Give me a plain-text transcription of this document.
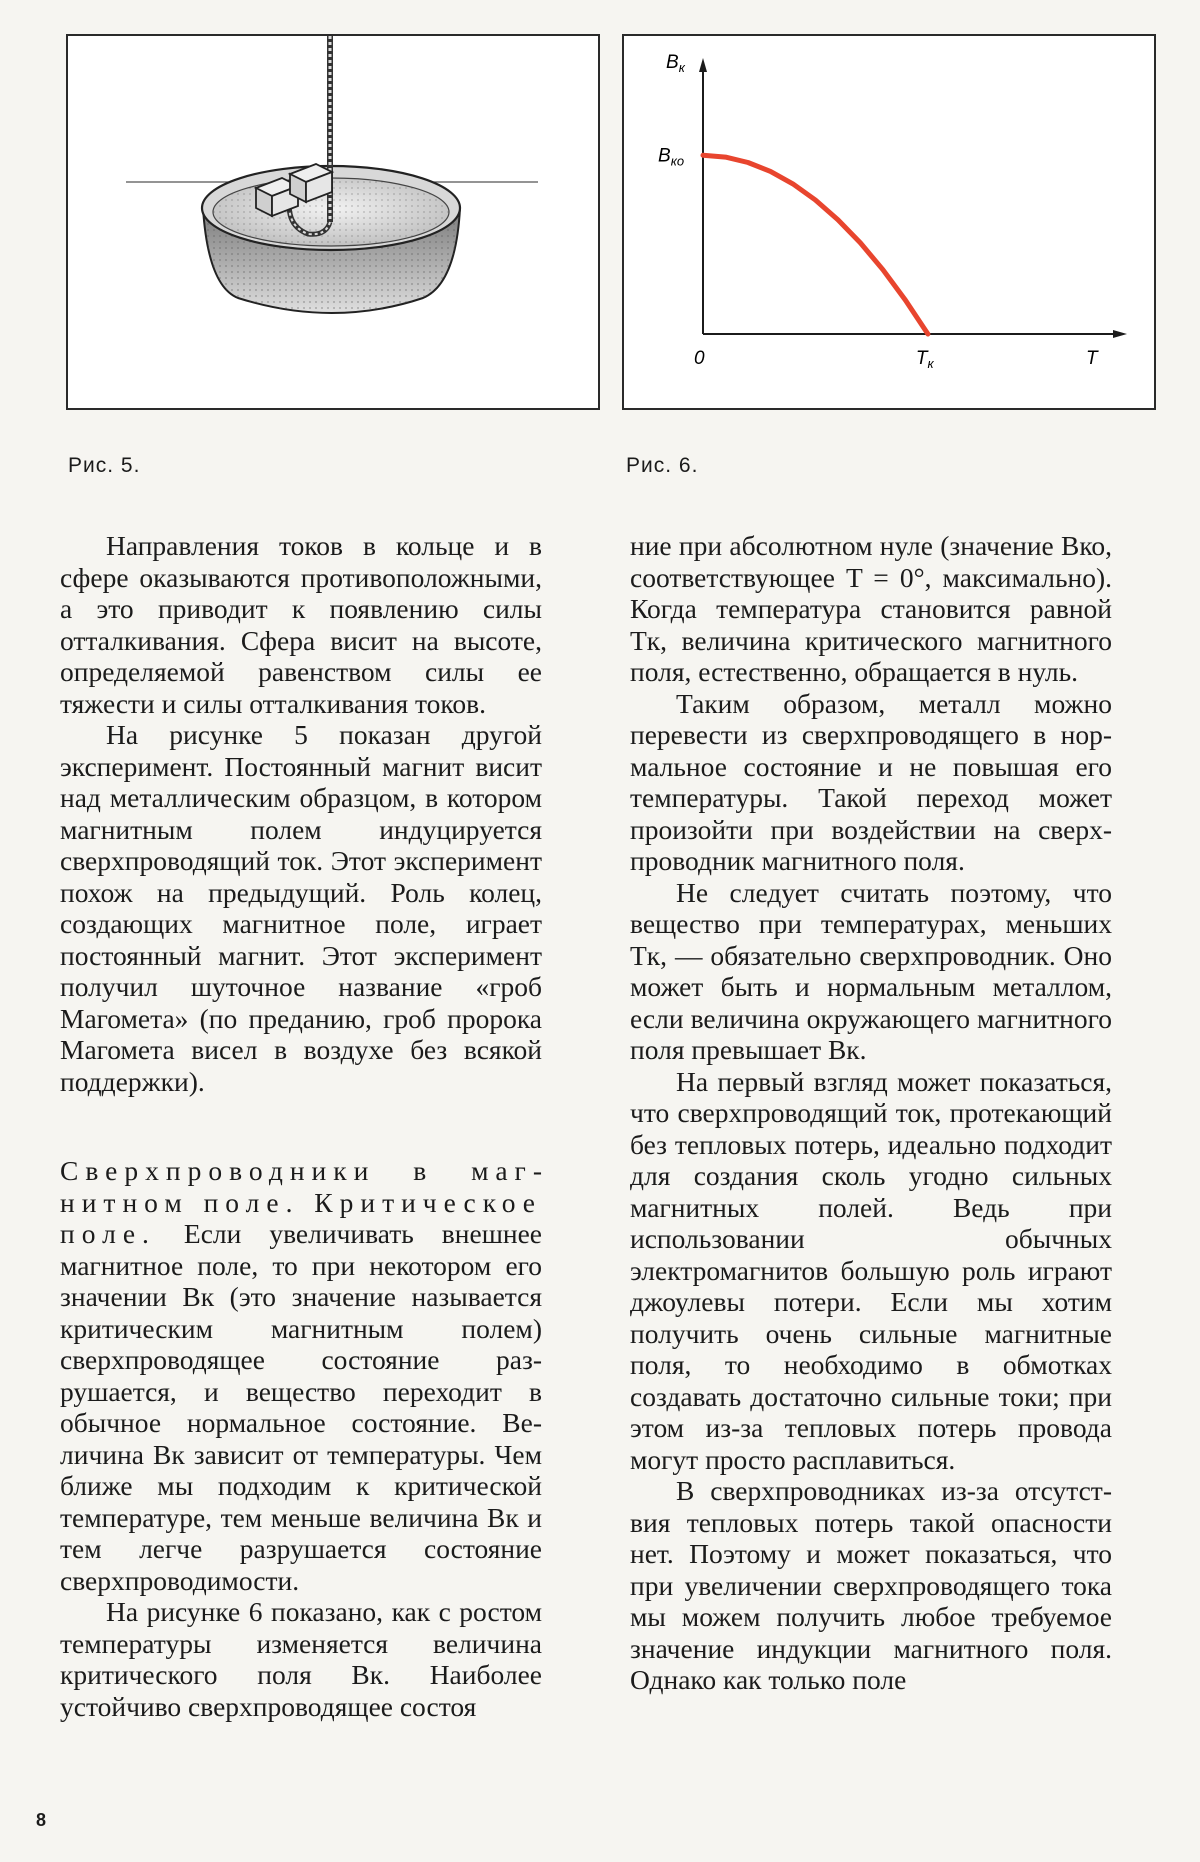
$B_к$
$B_{ко}$
0	$T_к$	T
Рис. 5.	Рис. 6.

Направления токов в кольце и в сфере оказываются противоположными, а это приводит к появлению силы отталкивания. Сфера висит на высоте, определяемой равенством силы ее тяжести и силы отталкивания токов.

На рисунке 5 показан другой эксперимент. Постоянный магнит висит над металлическим образцом, в котором магнитным полем индуцируется сверхпроводящий ток. Этот эксперимент похож на предыдущий. Роль колец, создающих магнитное поле, играет постоянный магнит. Этот эксперимент получил шуточное название «гроб Магомета» (по преданию, гроб пророка Магомета висел в воздухе без всякой поддержки).

Сверхпроводники в магнитном поле. Критическое поле. Если увеличивать внешнее магнитное поле, то при некотором его значении Bк (это значение называется критическим магнитным полем) сверхпроводящее состояние разрушается, и вещество переходит в обычное нормальное состояние. Величина Bк зависит от температуры. Чем ближе мы подходим к критической температуре, тем меньше величина Bк и тем легче разрушается состояние сверхпроводимости.

На рисунке 6 показано, как с ростом температуры изменяется величина критического поля Bк. Наиболее устойчиво сверхпроводящее состоя

ние при абсолютном нуле (значение Bко, соответствующее T = 0°, максимально). Когда температура становится равной Tк, величина критического магнитного поля, естественно, обращается в нуль.

Таким образом, металл можно перевести из сверхпроводящего в нормальное состояние и не повышая его температуры. Такой переход может произойти при воздействии на сверхпроводник магнитного поля.

Не следует считать поэтому, что вещество при температурах, меньших Tк, — обязательно сверхпроводник. Оно может быть и нормальным металлом, если величина окружающего магнитного поля превышает Bк.

На первый взгляд может показаться, что сверхпроводящий ток, протекающий без тепловых потерь, идеально подходит для создания сколь угодно сильных магнитных полей. Ведь при использовании обычных электромагнитов большую роль играют джоулевы потери. Если мы хотим получить очень сильные магнитные поля, то необходимо в обмотках создавать достаточно сильные токи; при этом из-за тепловых потерь провода могут просто расплавиться.

В сверхпроводниках из-за отсутствия тепловых потерь такой опасности нет. Поэтому и может показаться, что при увеличении сверхпроводящего тока мы можем получить любое требуемое значение индукции магнитного поля. Однако как только поле

8
